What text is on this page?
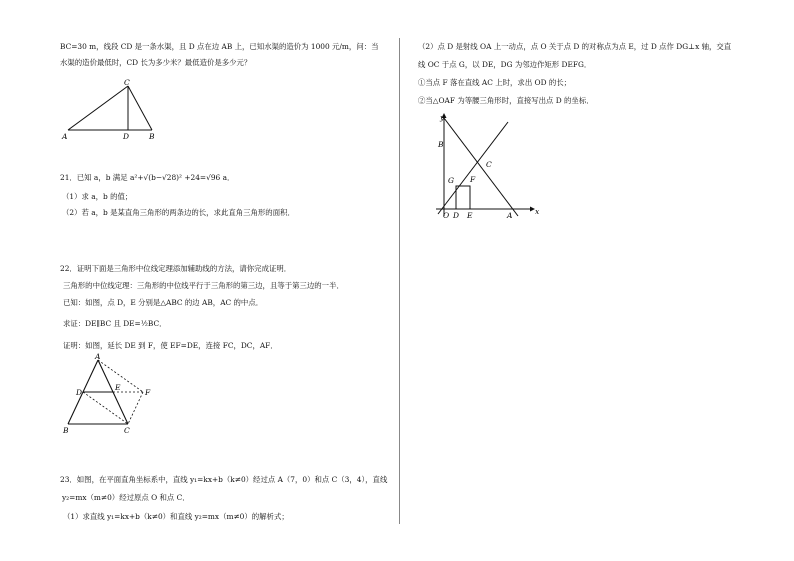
BC=30 m，线段 CD 是一条水渠，且 D 点在边 AB 上，已知水渠的造价为 1000 元/m，问：当
水渠的造价最低时，CD 长为多少米？最低造价是多少元？
A
C
D	B
21．已知 a，b 满足 a²+√(b−√28)² +24=√96 a．
（1）求 a，b 的值；
（2）若 a，b 是某直角三角形的两条边的长，求此直角三角形的面积．
22．证明下面是三角形中位线定理添加辅助线的方法，请你完成证明．
三角形的中位线定理：三角形的中位线平行于三角形的第三边，且等于第三边的一半．
已知：如图，点 D，E 分别是△ABC 的边 AB，AC 的中点．
求证：DE∥BC 且 DE=½BC．
证明：如图，延长 DE 到 F，使 EF=DE，连接 FC，DC，AF．
A
D
E
F
B	C
23．如图，在平面直角坐标系中，直线 y₁=kx+b（k≠0）经过点 A（7，0）和点 C（3，4），直线
y₂=mx（m≠0）经过原点 O 和点 C．
（1）求直线 y₁=kx+b（k≠0）和直线 y₂=mx（m≠0）的解析式；
（2）点 D 是射线 OA 上一动点，点 O 关于点 D 的对称点为点 E，过 D 点作 DG⊥x 轴，交直
线 OC 于点 G，以 DE，DG 为邻边作矩形 DEFG．
①当点 F 落在直线 AC 上时，求出 OD 的长；
②当△OAF 为等腰三角形时，直接写出点 D 的坐标．
y
x
B
C
G F
O D E	A
